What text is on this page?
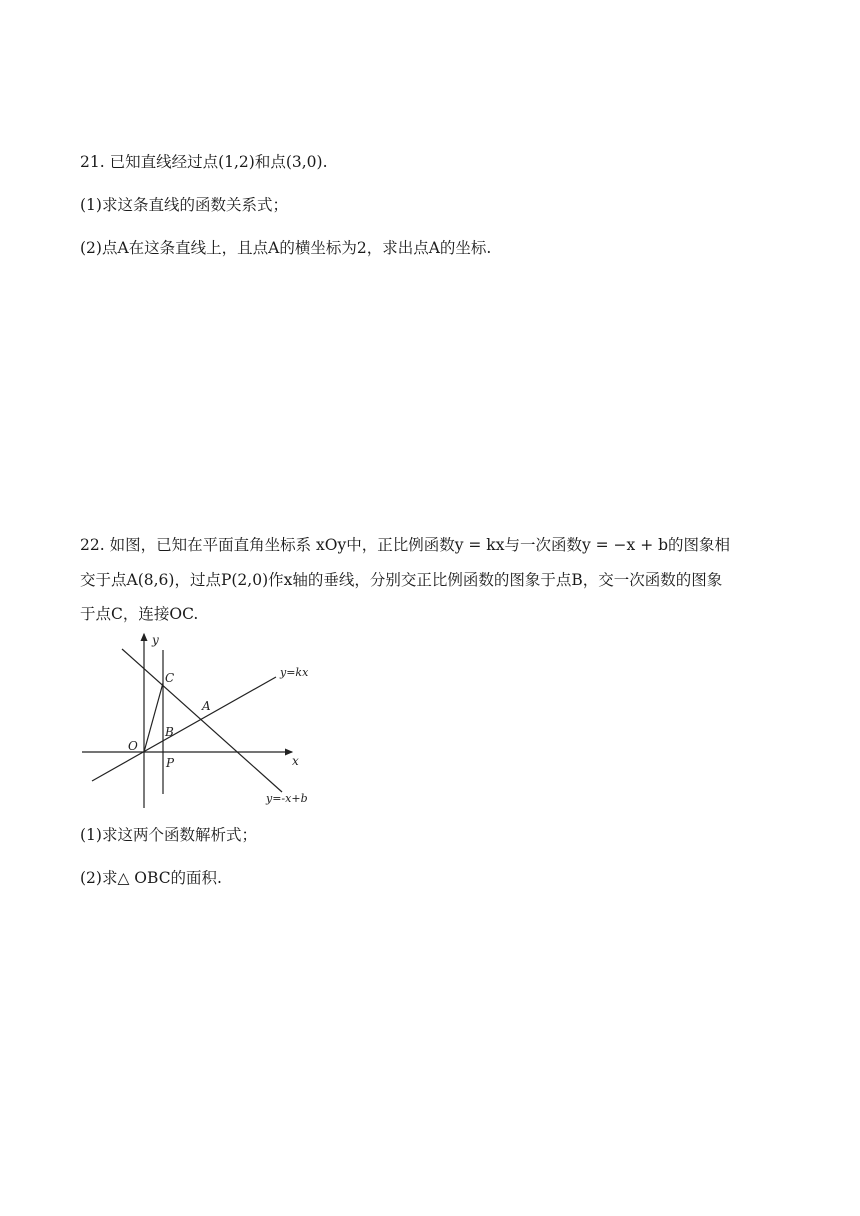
21. 已知直线经过点(1,2)和点(3,0).

(1)求这条直线的函数关系式；

(2)点A在这条直线上，且点A的横坐标为2，求出点A的坐标.

22. 如图，已知在平面直角坐标系 xOy中，正比例函数y = kx与一次函数y = −x + b的图象相

交于点A(8,6)，过点P(2,0)作x轴的垂线，分别交正比例函数的图象于点B，交一次函数的图象

于点C，连接OC.

y
x
O
A
B
C
P
y=kx
y=-x+b

(1)求这两个函数解析式；

(2)求△ OBC的面积.
